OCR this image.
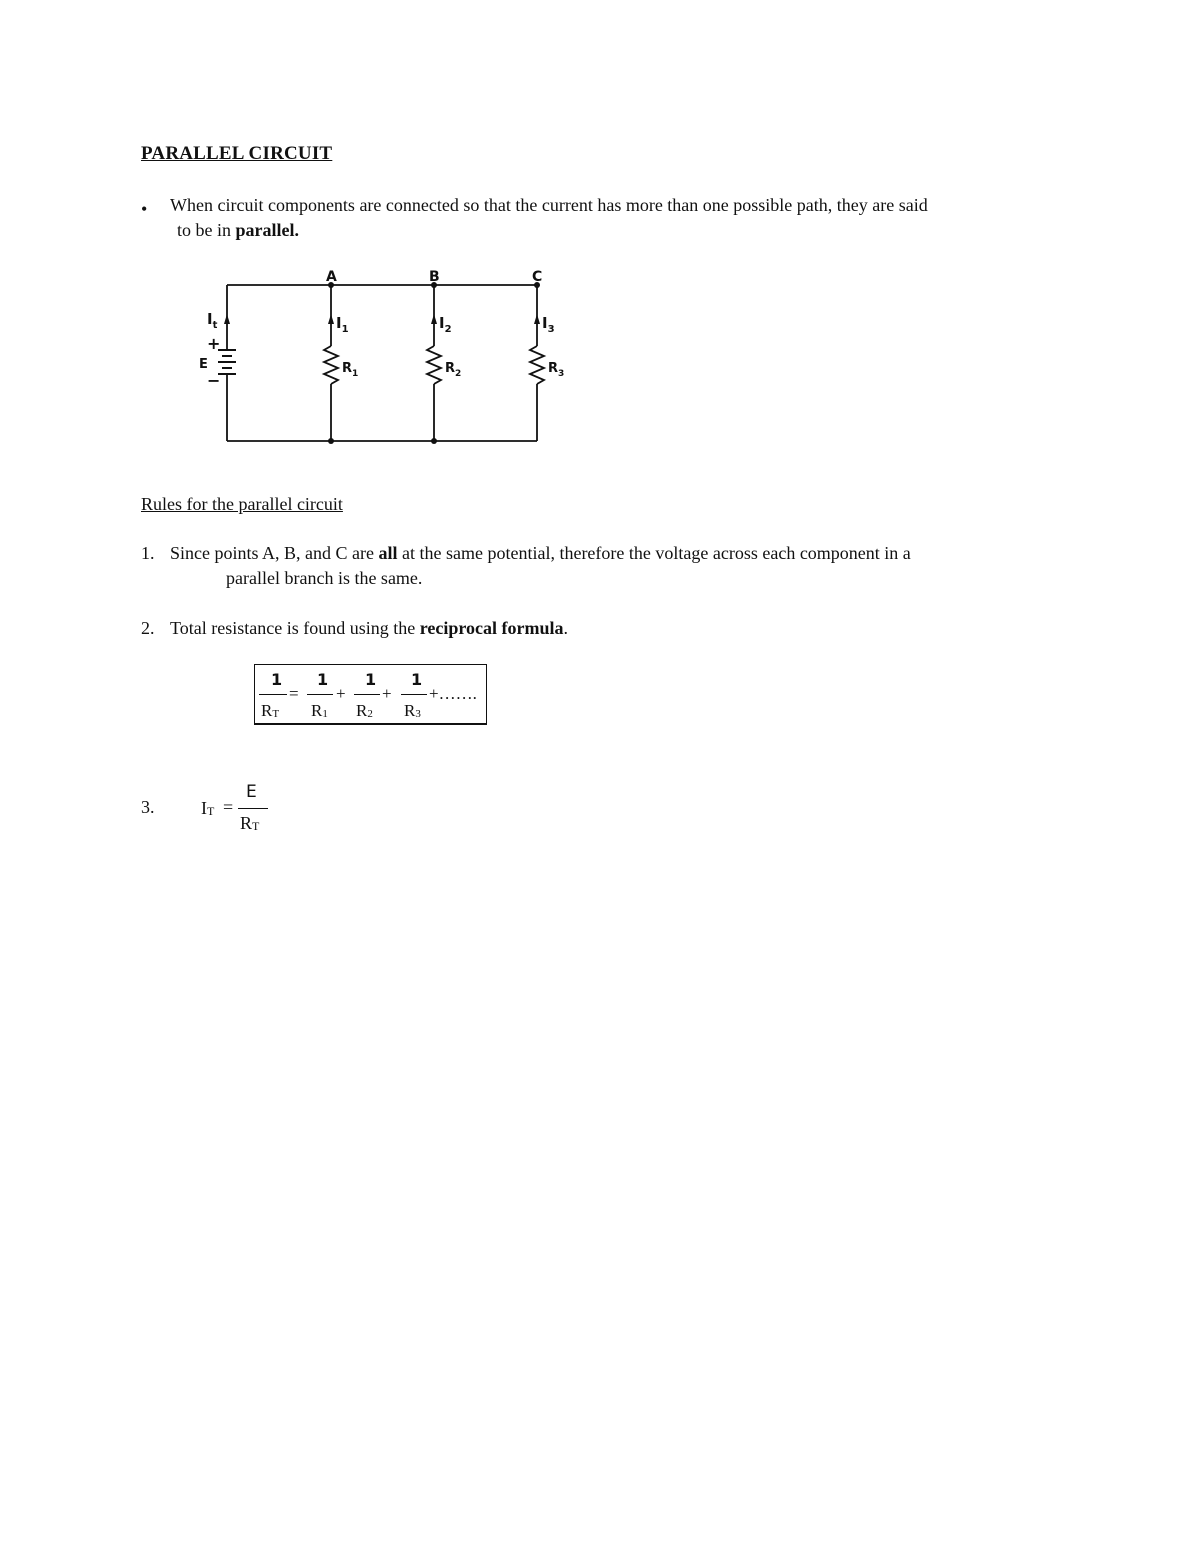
PARALLEL CIRCUIT
• When circuit components are connected so that the current has more than one possible path, they are said
to be in parallel.
A	B	C
$I_t$
+
E
−
$I_1$	$I_2$	$I_3$
$R_1$	$R_2$	$R_3$
Rules for the parallel circuit
1. Since points A, B, and C are all at the same potential, therefore the voltage across each component in a
parallel branch is the same.
2. Total resistance is found using the reciprocal formula.
1
$R_T$
=
1
$R_1$
+
1
$R_2$
+
1
$R_3$
+…….
3.	$I_T$ =
E
$R_T$
